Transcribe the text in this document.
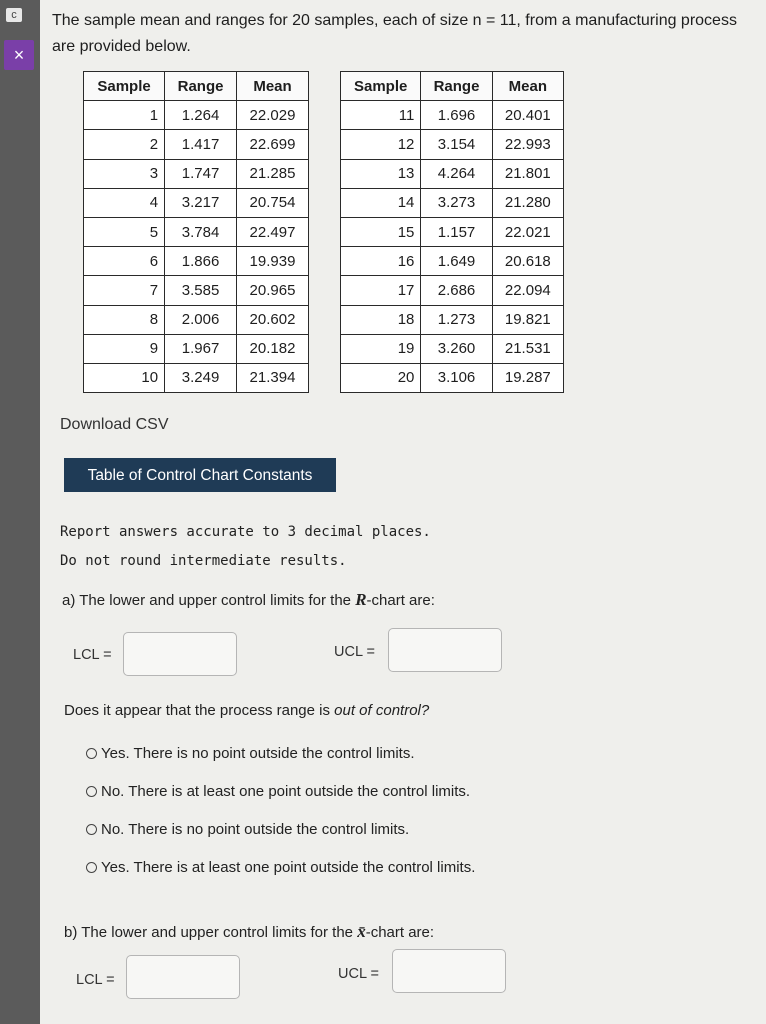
c
×
The sample mean and ranges for 20 samples, each of size n = 11, from a manufacturing process are provided below.
Sample	Range	Mean
1	1.264	22.029
2	1.417	22.699
3	1.747	21.285
4	3.217	20.754
5	3.784	22.497
6	1.866	19.939
7	3.585	20.965
8	2.006	20.602
9	1.967	20.182
10	3.249	21.394
Sample	Range	Mean
11	1.696	20.401
12	3.154	22.993
13	4.264	21.801
14	3.273	21.280
15	1.157	22.021
16	1.649	20.618
17	2.686	22.094
18	1.273	19.821
19	3.260	21.531
20	3.106	19.287
Download CSV
Table of Control Chart Constants
Report answers accurate to 3 decimal places.
Do not round intermediate results.
a) The lower and upper control limits for the R-chart are:
LCL =	UCL =
Does it appear that the process range is out of control?
Yes. There is no point outside the control limits.
No. There is at least one point outside the control limits.
No. There is no point outside the control limits.
Yes. There is at least one point outside the control limits.
b) The lower and upper control limits for the x̄-chart are:
LCL =	UCL =
